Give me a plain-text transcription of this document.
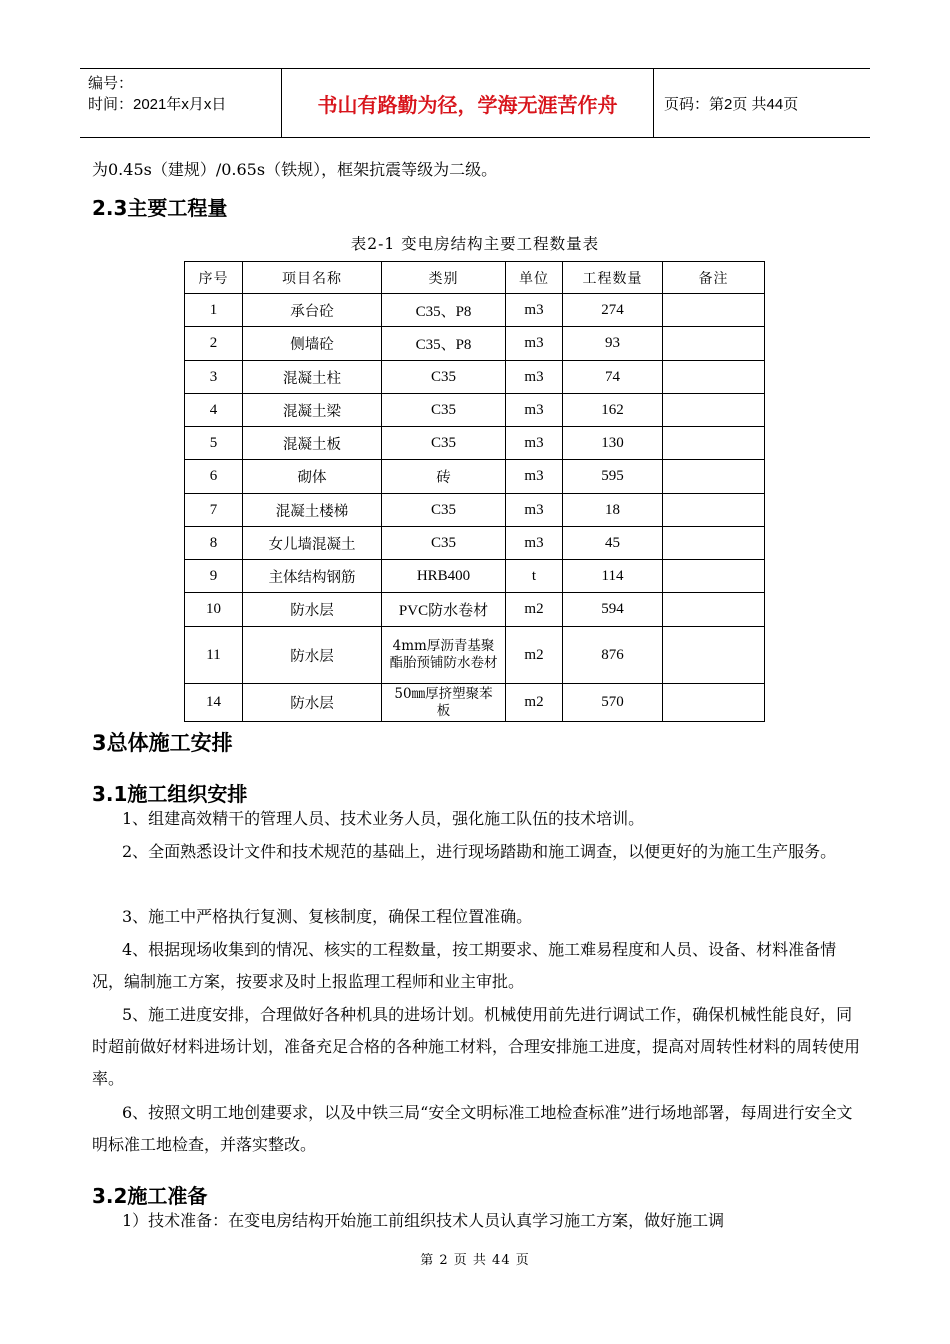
编号：
时间：2021年x月x日	书山有路勤为径，学海无涯苦作舟	页码：第2页 共44页
为0.45s（建规）/0.65s（铁规），框架抗震等级为二级。
2.3主要工程量
表2-1 变电房结构主要工程数量表
序号	项目名称	类别	单位	工程数量	备注
1	承台砼	C35、P8	m3	274	
2	侧墙砼	C35、P8	m3	93	
3	混凝土柱	C35	m3	74	
4	混凝土梁	C35	m3	162	
5	混凝土板	C35	m3	130	
6	砌体	砖	m3	595	
7	混凝土楼梯	C35	m3	18	
8	女儿墙混凝土	C35	m3	45	
9	主体结构钢筋	HRB400	t	114	
10	防水层	PVC防水卷材	m2	594	
11	防水层	4mm厚沥青基聚酯胎预铺防水卷材	m2	876	
14	防水层	50㎜厚挤塑聚苯板	m2	570	
3总体施工安排
3.1施工组织安排
1、组建高效精干的管理人员、技术业务人员，强化施工队伍的技术培训。
2、全面熟悉设计文件和技术规范的基础上，进行现场踏勘和施工调查，以便更好的为施工生产服务。
3、施工中严格执行复测、复核制度，确保工程位置准确。
4、根据现场收集到的情况、核实的工程数量，按工期要求、施工难易程度和人员、设备、材料准备情况，编制施工方案，按要求及时上报监理工程师和业主审批。
5、施工进度安排，合理做好各种机具的进场计划。机械使用前先进行调试工作，确保机械性能良好，同时超前做好材料进场计划，准备充足合格的各种施工材料，合理安排施工进度，提高对周转性材料的周转使用率。
6、按照文明工地创建要求，以及中铁三局“安全文明标准工地检查标准”进行场地部署，每周进行安全文明标准工地检查，并落实整改。
3.2施工准备
1）技术准备：在变电房结构开始施工前组织技术人员认真学习施工方案，做好施工调
第 2 页 共 44 页
